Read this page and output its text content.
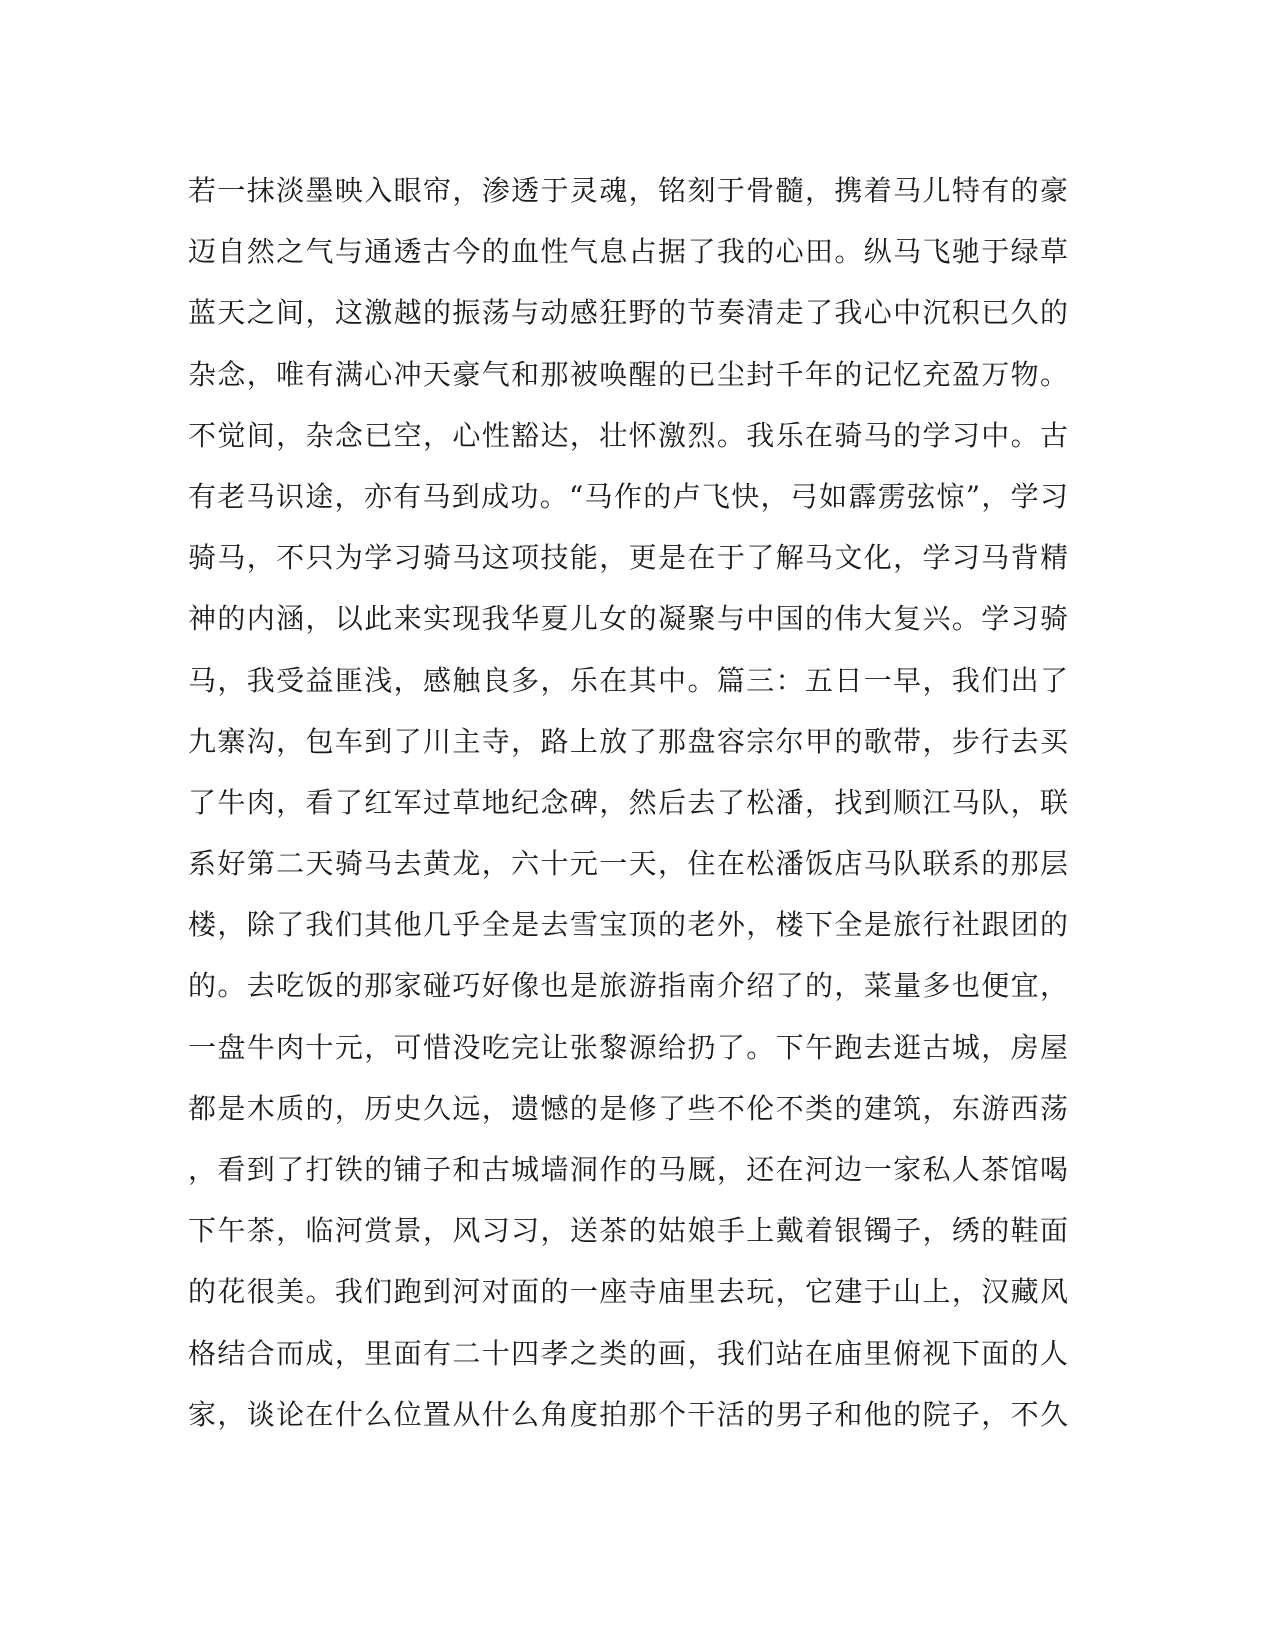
若一抹淡墨映入眼帘，渗透于灵魂，铭刻于骨髓，携着马儿特有的豪
迈自然之气与通透古今的血性气息占据了我的心田。纵马飞驰于绿草
蓝天之间，这激越的振荡与动感狂野的节奏清走了我心中沉积已久的
杂念，唯有满心冲天豪气和那被唤醒的已尘封千年的记忆充盈万物。
不觉间，杂念已空，心性豁达，壮怀激烈。我乐在骑马的学习中。古
有老马识途，亦有马到成功。“马作的卢飞快，弓如霹雳弦惊”，学习
骑马，不只为学习骑马这项技能，更是在于了解马文化，学习马背精
神的内涵，以此来实现我华夏儿女的凝聚与中国的伟大复兴。学习骑
马，我受益匪浅，感触良多，乐在其中。篇三：五日一早，我们出了
九寨沟，包车到了川主寺，路上放了那盘容宗尔甲的歌带，步行去买
了牛肉，看了红军过草地纪念碑，然后去了松潘，找到顺江马队，联
系好第二天骑马去黄龙，六十元一天，住在松潘饭店马队联系的那层
楼，除了我们其他几乎全是去雪宝顶的老外，楼下全是旅行社跟团的
的。去吃饭的那家碰巧好像也是旅游指南介绍了的，菜量多也便宜，
一盘牛肉十元，可惜没吃完让张黎源给扔了。下午跑去逛古城，房屋
都是木质的，历史久远，遗憾的是修了些不伦不类的建筑，东游西荡
，看到了打铁的铺子和古城墙洞作的马厩，还在河边一家私人茶馆喝
下午茶，临河赏景，风习习，送茶的姑娘手上戴着银镯子，绣的鞋面
的花很美。我们跑到河对面的一座寺庙里去玩，它建于山上，汉藏风
格结合而成，里面有二十四孝之类的画，我们站在庙里俯视下面的人
家，谈论在什么位置从什么角度拍那个干活的男子和他的院子，不久
